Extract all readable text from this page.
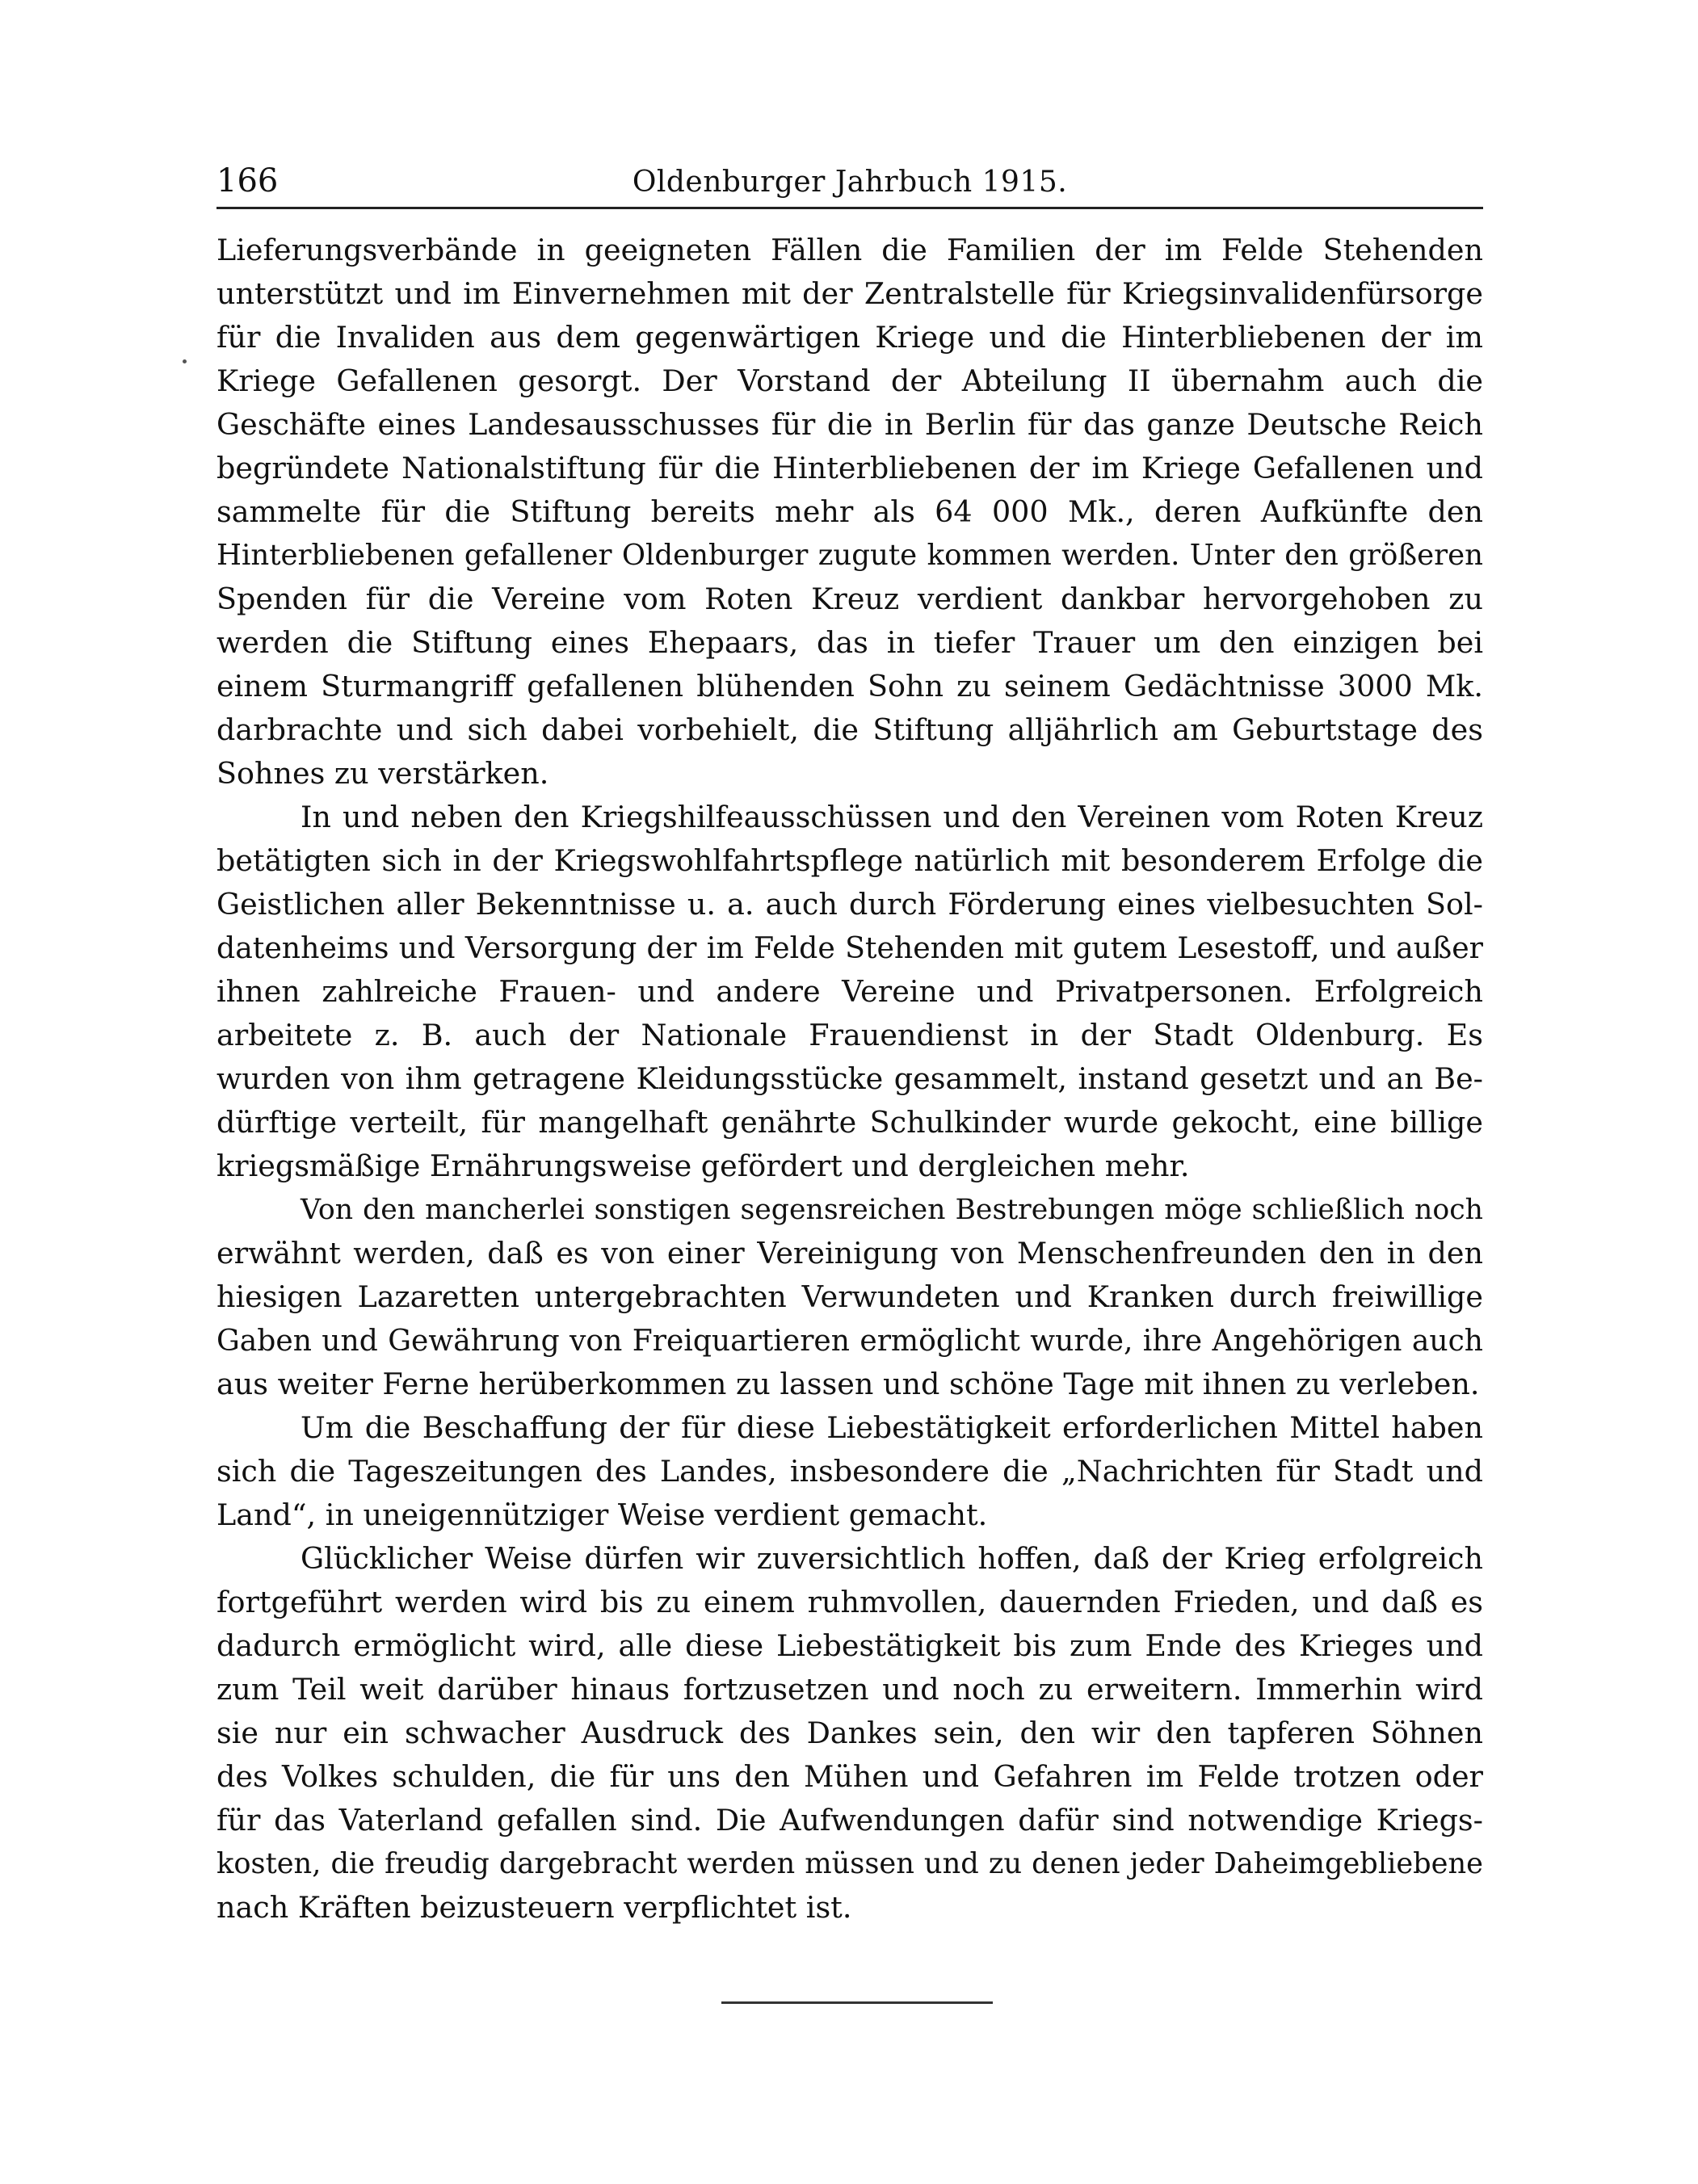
166	Oldenburger Jahrbuch 1915.

Lieferungsverbände in geeigneten Fällen die Familien der im Felde Stehenden
unterstützt und im Einvernehmen mit der Zentralstelle für Kriegsinvalidenfürsorge
für die Invaliden aus dem gegenwärtigen Kriege und die Hinterbliebenen der im
Kriege Gefallenen gesorgt. Der Vorstand der Abteilung II übernahm auch die
Geschäfte eines Landesausschusses für die in Berlin für das ganze Deutsche Reich
begründete Nationalstiftung für die Hinterbliebenen der im Kriege Gefallenen und
sammelte für die Stiftung bereits mehr als 64 000 Mk., deren Aufkünfte den
Hinterbliebenen gefallener Oldenburger zugute kommen werden. Unter den größeren
Spenden für die Vereine vom Roten Kreuz verdient dankbar hervorgehoben zu
werden die Stiftung eines Ehepaars, das in tiefer Trauer um den einzigen bei
einem Sturmangriff gefallenen blühenden Sohn zu seinem Gedächtnisse 3000 Mk.
darbrachte und sich dabei vorbehielt, die Stiftung alljährlich am Geburtstage des
Sohnes zu verstärken.

In und neben den Kriegshilfeausschüssen und den Vereinen vom Roten Kreuz
betätigten sich in der Kriegswohlfahrtspflege natürlich mit besonderem Erfolge die
Geistlichen aller Bekenntnisse u. a. auch durch Förderung eines vielbesuchten Sol-
datenheims und Versorgung der im Felde Stehenden mit gutem Lesestoff, und außer
ihnen zahlreiche Frauen- und andere Vereine und Privatpersonen. Erfolgreich
arbeitete z. B. auch der Nationale Frauendienst in der Stadt Oldenburg. Es
wurden von ihm getragene Kleidungsstücke gesammelt, instand gesetzt und an Be-
dürftige verteilt, für mangelhaft genährte Schulkinder wurde gekocht, eine billige
kriegsmäßige Ernährungsweise gefördert und dergleichen mehr.

Von den mancherlei sonstigen segensreichen Bestrebungen möge schließlich noch
erwähnt werden, daß es von einer Vereinigung von Menschenfreunden den in den
hiesigen Lazaretten untergebrachten Verwundeten und Kranken durch freiwillige
Gaben und Gewährung von Freiquartieren ermöglicht wurde, ihre Angehörigen auch
aus weiter Ferne herüberkommen zu lassen und schöne Tage mit ihnen zu verleben.

Um die Beschaffung der für diese Liebestätigkeit erforderlichen Mittel haben
sich die Tageszeitungen des Landes, insbesondere die „Nachrichten für Stadt und
Land“, in uneigennütziger Weise verdient gemacht.

Glücklicher Weise dürfen wir zuversichtlich hoffen, daß der Krieg erfolgreich
fortgeführt werden wird bis zu einem ruhmvollen, dauernden Frieden, und daß es
dadurch ermöglicht wird, alle diese Liebestätigkeit bis zum Ende des Krieges und
zum Teil weit darüber hinaus fortzusetzen und noch zu erweitern. Immerhin wird
sie nur ein schwacher Ausdruck des Dankes sein, den wir den tapferen Söhnen
des Volkes schulden, die für uns den Mühen und Gefahren im Felde trotzen oder
für das Vaterland gefallen sind. Die Aufwendungen dafür sind notwendige Kriegs-
kosten, die freudig dargebracht werden müssen und zu denen jeder Daheimgebliebene
nach Kräften beizusteuern verpflichtet ist.
